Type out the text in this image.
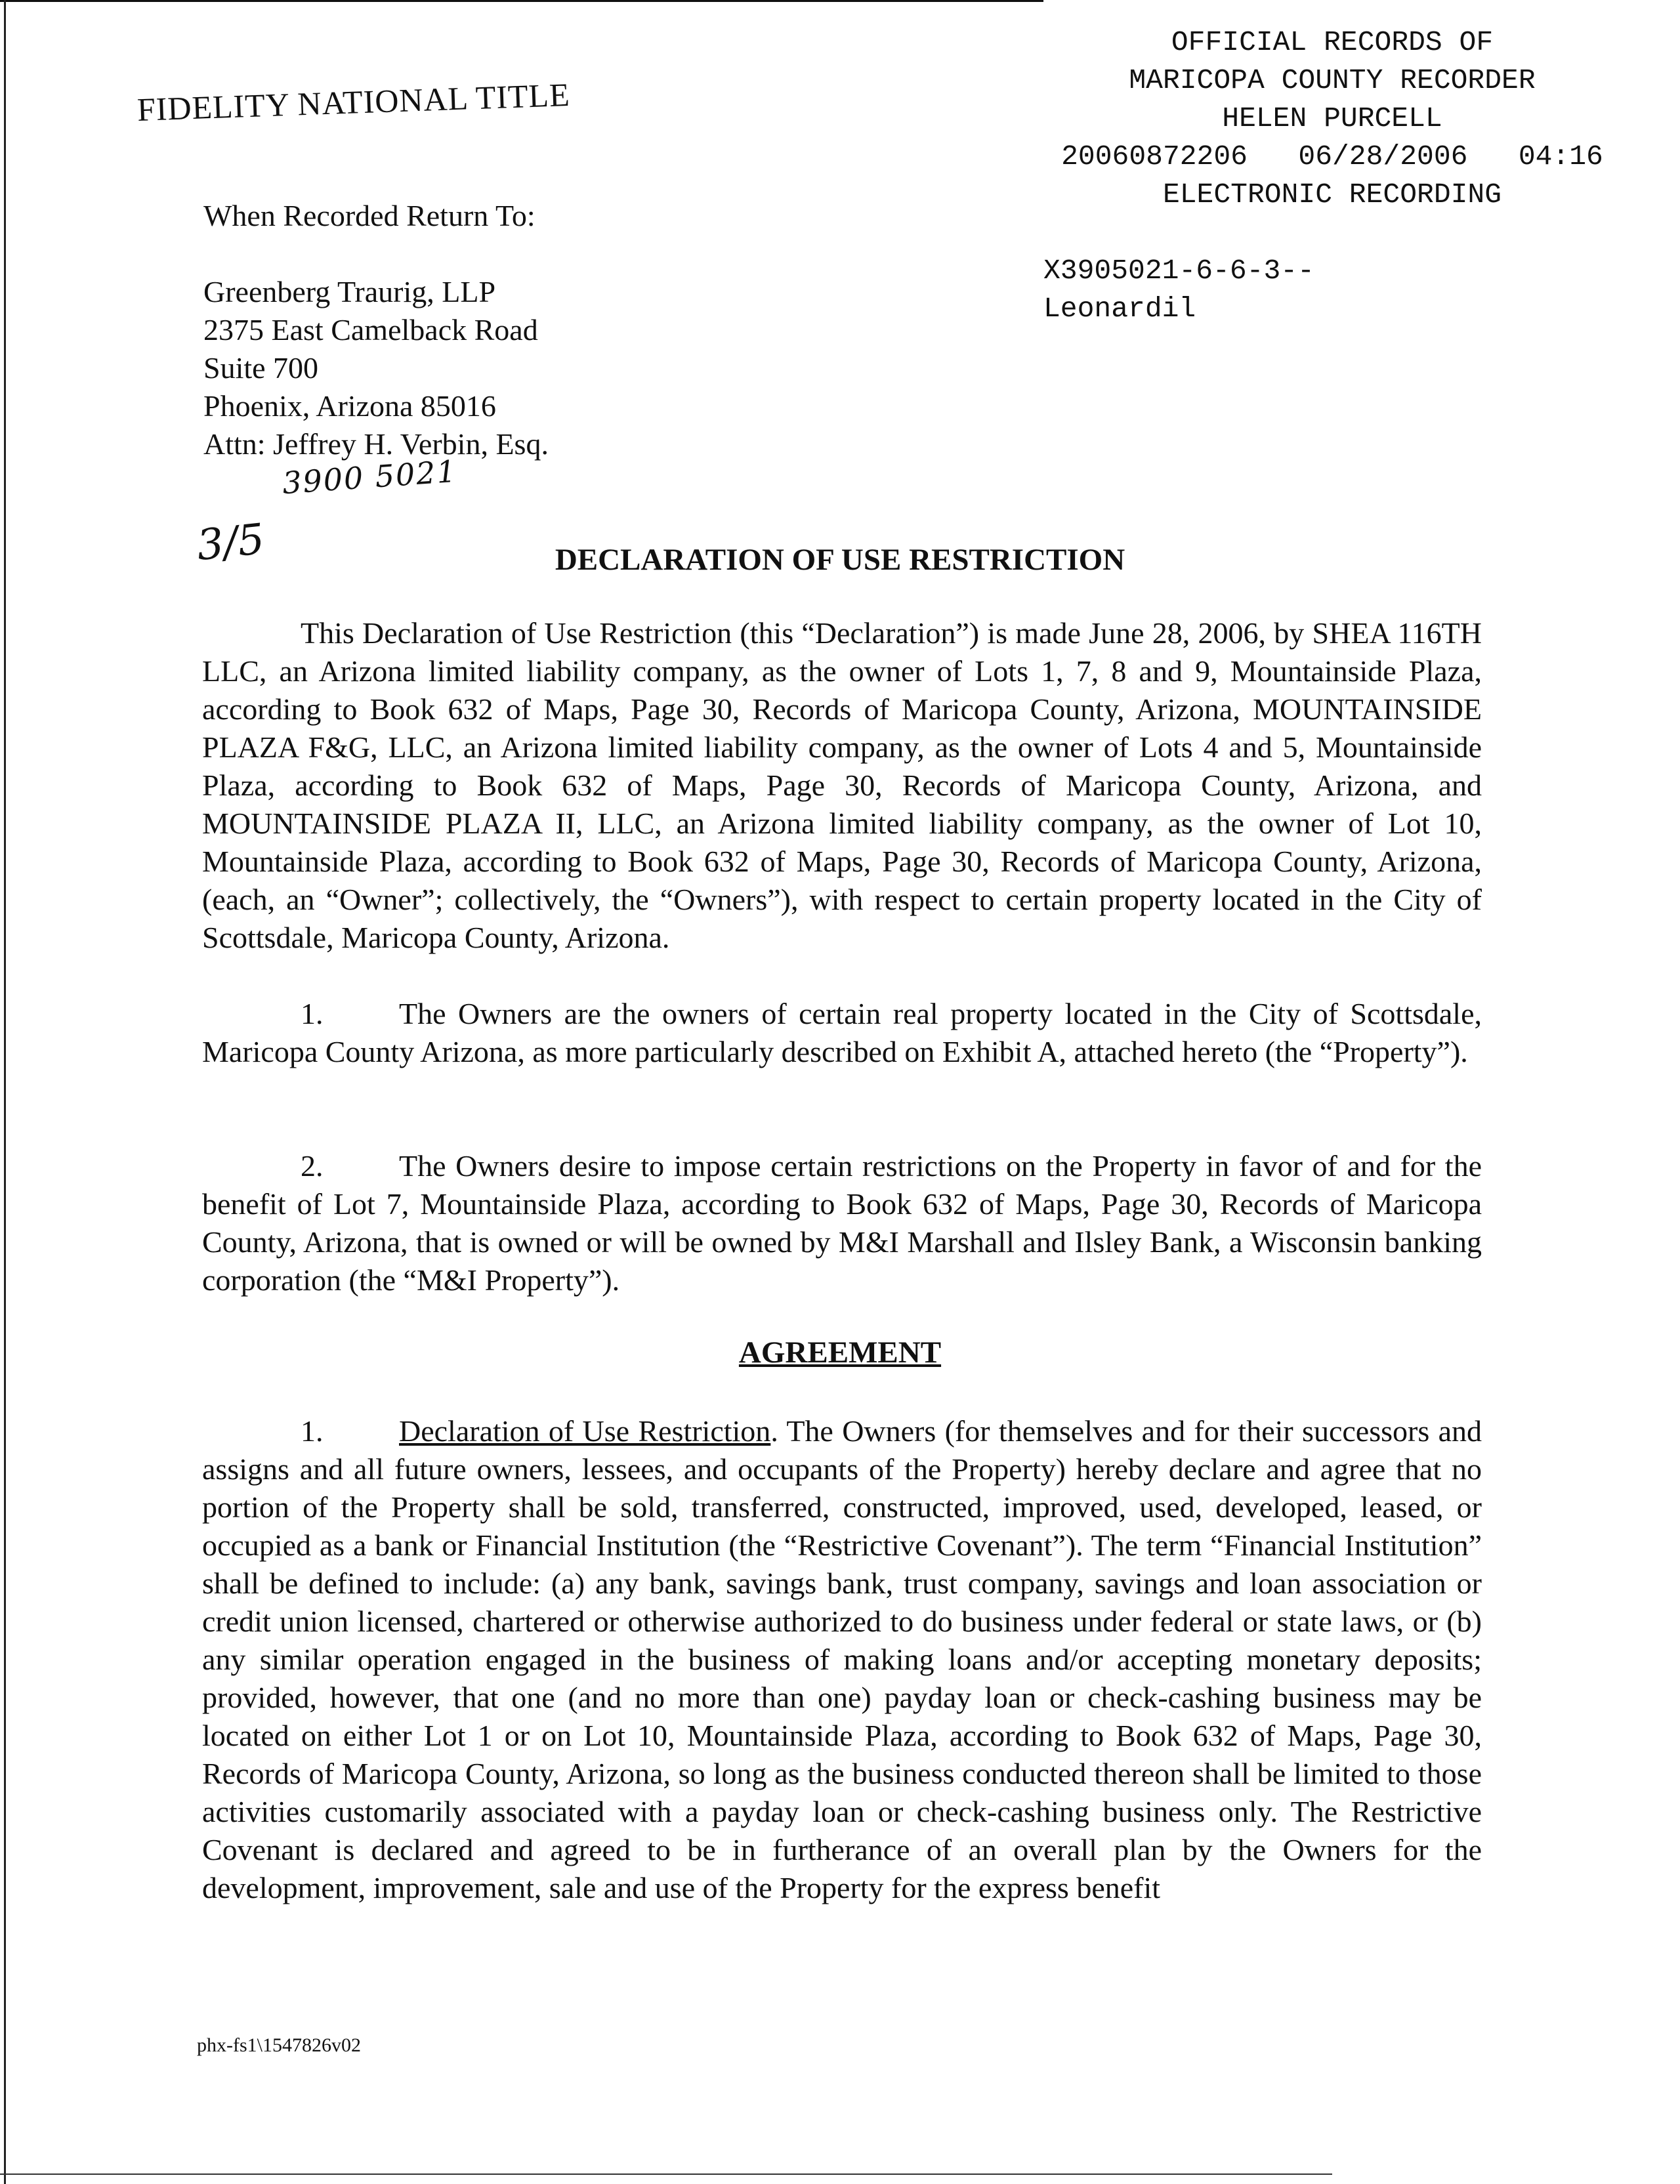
FIDELITY NATIONAL TITLE
OFFICIAL RECORDS OF
MARICOPA COUNTY RECORDER
HELEN PURCELL
20060872206   06/28/2006   04:16
ELECTRONIC RECORDING
X3905021-6-6-3--
Leonardil
When Recorded Return To:
Greenberg Traurig, LLP
2375 East Camelback Road
Suite 700
Phoenix, Arizona 85016
Attn: Jeffrey H. Verbin, Esq.
3900 5021
3/5	DECLARATION OF USE RESTRICTION
This Declaration of Use Restriction (this “Declaration”) is made June 28, 2006, by SHEA 116TH LLC, an Arizona limited liability company, as the owner of Lots 1, 7, 8 and 9, Mountainside Plaza, according to Book 632 of Maps, Page 30, Records of Maricopa County, Arizona, MOUNTAINSIDE PLAZA F&G, LLC, an Arizona limited liability company, as the owner of Lots 4 and 5, Mountainside Plaza, according to Book 632 of Maps, Page 30, Records of Maricopa County, Arizona, and MOUNTAINSIDE PLAZA II, LLC, an Arizona limited liability company, as the owner of Lot 10, Mountainside Plaza, according to Book 632 of Maps, Page 30, Records of Maricopa County, Arizona, (each, an “Owner”; collectively, the “Owners”), with respect to certain property located in the City of Scottsdale, Maricopa County, Arizona.
1.	The Owners are the owners of certain real property located in the City of Scottsdale, Maricopa County Arizona, as more particularly described on Exhibit A, attached hereto (the “Property”).
2.	The Owners desire to impose certain restrictions on the Property in favor of and for the benefit of Lot 7, Mountainside Plaza, according to Book 632 of Maps, Page 30, Records of Maricopa County, Arizona, that is owned or will be owned by M&I Marshall and Ilsley Bank, a Wisconsin banking corporation (the “M&I Property”).
AGREEMENT
1.	Declaration of Use Restriction. The Owners (for themselves and for their successors and assigns and all future owners, lessees, and occupants of the Property) hereby declare and agree that no portion of the Property shall be sold, transferred, constructed, improved, used, developed, leased, or occupied as a bank or Financial Institution (the “Restrictive Covenant”). The term “Financial Institution” shall be defined to include: (a) any bank, savings bank, trust company, savings and loan association or credit union licensed, chartered or otherwise authorized to do business under federal or state laws, or (b) any similar operation engaged in the business of making loans and/or accepting monetary deposits; provided, however, that one (and no more than one) payday loan or check-cashing business may be located on either Lot 1 or on Lot 10, Mountainside Plaza, according to Book 632 of Maps, Page 30, Records of Maricopa County, Arizona, so long as the business conducted thereon shall be limited to those activities customarily associated with a payday loan or check-cashing business only. The Restrictive Covenant is declared and agreed to be in furtherance of an overall plan by the Owners for the development, improvement, sale and use of the Property for the express benefit
phx-fs1\1547826v02
